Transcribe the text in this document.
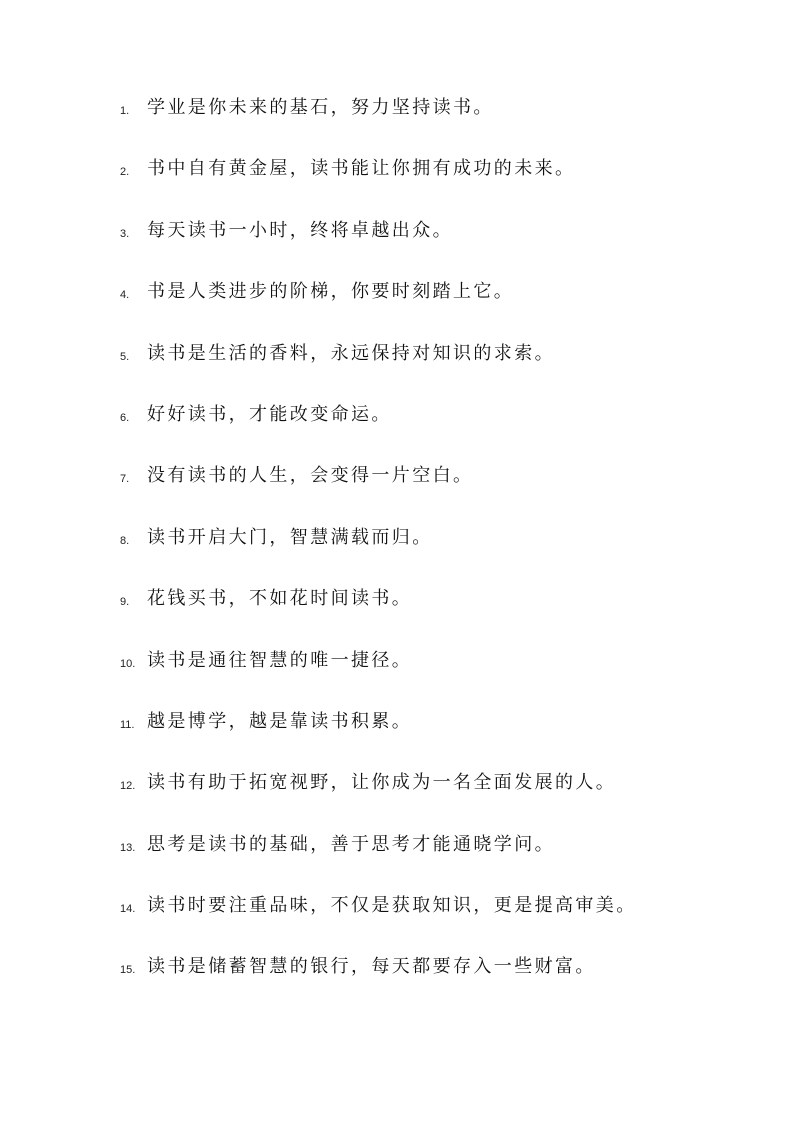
1. 学业是你未来的基石，努力坚持读书。
2. 书中自有黄金屋，读书能让你拥有成功的未来。
3. 每天读书一小时，终将卓越出众。
4. 书是人类进步的阶梯，你要时刻踏上它。
5. 读书是生活的香料，永远保持对知识的求索。
6. 好好读书，才能改变命运。
7. 没有读书的人生，会变得一片空白。
8. 读书开启大门，智慧满载而归。
9. 花钱买书，不如花时间读书。
10. 读书是通往智慧的唯一捷径。
11. 越是博学，越是靠读书积累。
12. 读书有助于拓宽视野，让你成为一名全面发展的人。
13. 思考是读书的基础，善于思考才能通晓学问。
14. 读书时要注重品味，不仅是获取知识，更是提高审美。
15. 读书是储蓄智慧的银行，每天都要存入一些财富。
